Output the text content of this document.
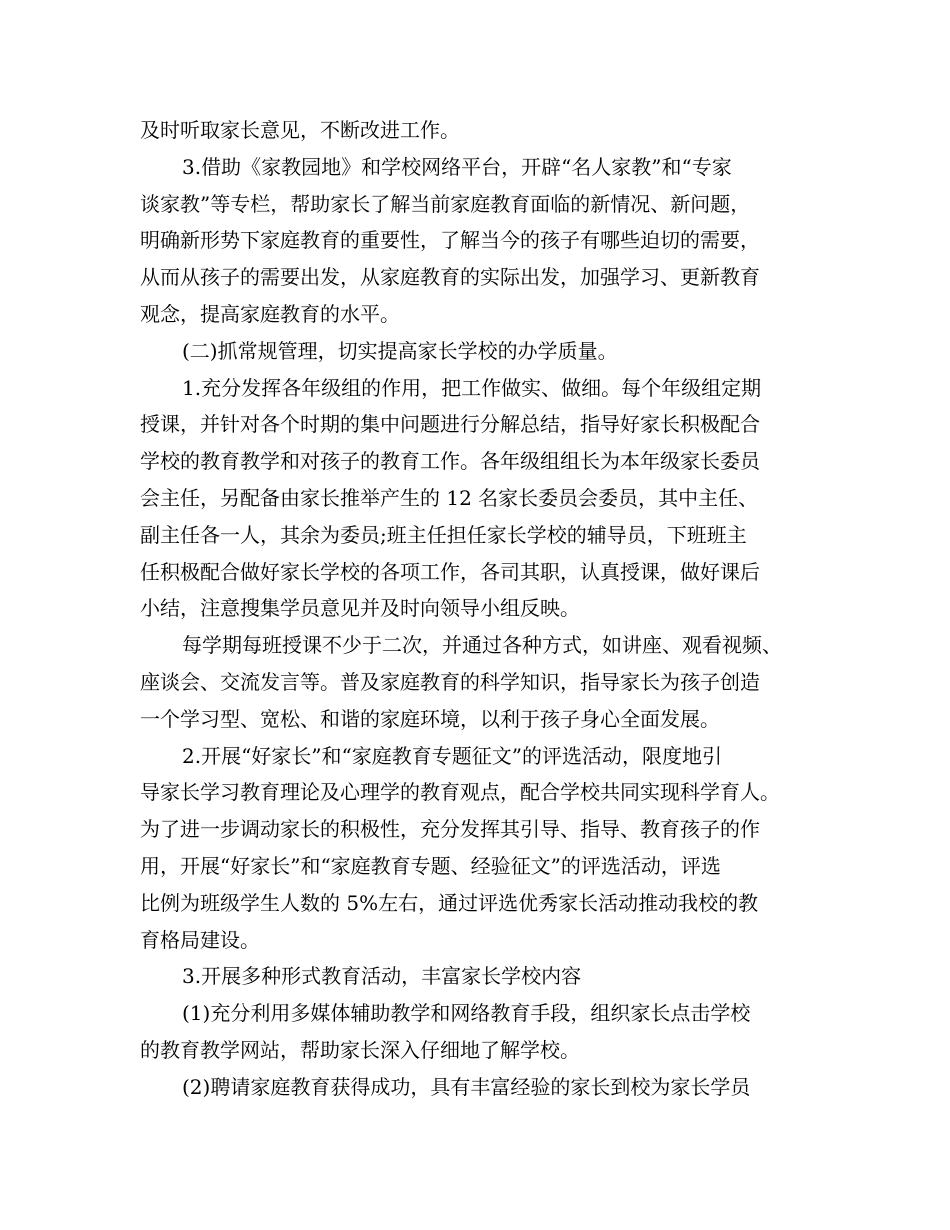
及时听取家长意见，不断改进工作。
3.借助《家教园地》和学校网络平台，开辟“名人家教”和“专家
谈家教”等专栏，帮助家长了解当前家庭教育面临的新情况、新问题，
明确新形势下家庭教育的重要性，了解当今的孩子有哪些迫切的需要，
从而从孩子的需要出发，从家庭教育的实际出发，加强学习、更新教育
观念，提高家庭教育的水平。
(二)抓常规管理，切实提高家长学校的办学质量。
1.充分发挥各年级组的作用，把工作做实、做细。每个年级组定期
授课，并针对各个时期的集中问题进行分解总结，指导好家长积极配合
学校的教育教学和对孩子的教育工作。各年级组组长为本年级家长委员
会主任，另配备由家长推举产生的 12 名家长委员会委员，其中主任、
副主任各一人，其余为委员;班主任担任家长学校的辅导员，下班班主
任积极配合做好家长学校的各项工作，各司其职，认真授课，做好课后
小结，注意搜集学员意见并及时向领导小组反映。
每学期每班授课不少于二次，并通过各种方式，如讲座、观看视频、
座谈会、交流发言等。普及家庭教育的科学知识，指导家长为孩子创造
一个学习型、宽松、和谐的家庭环境，以利于孩子身心全面发展。
2.开展“好家长”和“家庭教育专题征文”的评选活动，限度地引
导家长学习教育理论及心理学的教育观点，配合学校共同实现科学育人。
为了进一步调动家长的积极性，充分发挥其引导、指导、教育孩子的作
用，开展“好家长”和“家庭教育专题、经验征文”的评选活动，评选
比例为班级学生人数的 5%左右，通过评选优秀家长活动推动我校的教
育格局建设。
3.开展多种形式教育活动，丰富家长学校内容
(1)充分利用多媒体辅助教学和网络教育手段，组织家长点击学校
的教育教学网站，帮助家长深入仔细地了解学校。
(2)聘请家庭教育获得成功，具有丰富经验的家长到校为家长学员
